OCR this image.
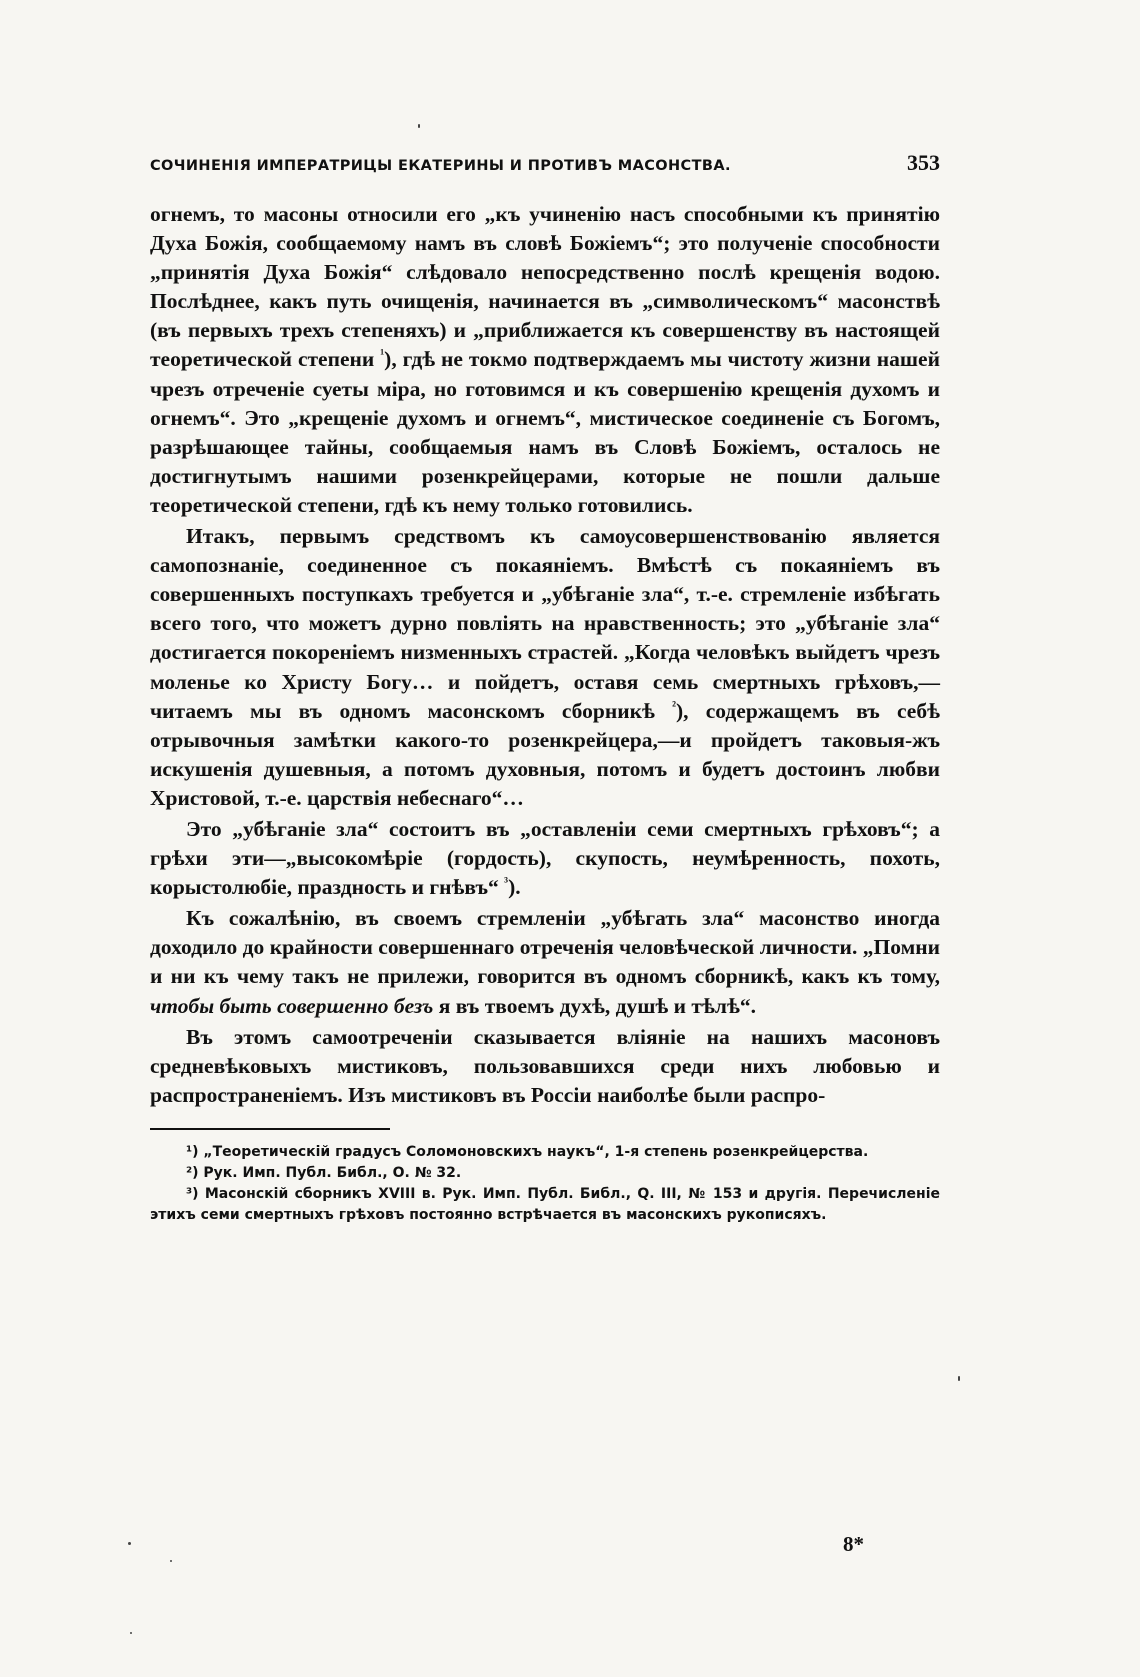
СОЧИНЕНІЯ ИМПЕРАТРИЦЫ ЕКАТЕРИНЫ И ПРОТИВЪ МАСОНСТВА.	353

огнемъ, то масоны относили его „къ учиненію насъ способными къ принятію Духа Божія, сообщаемому намъ въ словѣ Божіемъ“; это полученіе способности „принятія Духа Божія“ слѣдовало непосредственно послѣ крещенія водою. Послѣднее, какъ путь очищенія, начинается въ „символическомъ“ масонствѣ (въ первыхъ трехъ степеняхъ) и „приближается къ совершенству въ настоящей теоретической степени $^{^1}$), гдѣ не токмо подтверждаемъ мы чистоту жизни нашей чрезъ отреченіе суеты міра, но готовимся и къ совершенію крещенія духомъ и огнемъ“. Это „крещеніе духомъ и огнемъ“, мистическое соединеніе съ Богомъ, разрѣшающее тайны, сообщаемыя намъ въ Словѣ Божіемъ, осталось не достигнутымъ нашими розенкрейцерами, которые не пошли дальше теоретической степени, гдѣ къ нему только готовились.

Итакъ, первымъ средствомъ къ самоусовершенствованію является самопознаніе, соединенное съ покаяніемъ. Вмѣстѣ съ покаяніемъ въ совершенныхъ поступкахъ требуется и „убѣганіе зла“, т.-е. стремленіе избѣгать всего того, что можетъ дурно повліять на нравственность; это „убѣганіе зла“ достигается покореніемъ низменныхъ страстей. „Когда человѣкъ выйдетъ чрезъ моленье ко Христу Богу… и пойдетъ, оставя семь смертныхъ грѣховъ,—читаемъ мы въ одномъ масонскомъ сборникѣ $^{^2}$), содержащемъ въ себѣ отрывочныя замѣтки какого-то розенкрейцера,—и пройдетъ таковыя-жъ искушенія душевныя, а потомъ духовныя, потомъ и будетъ достоинъ любви Христовой, т.-е. царствія небеснаго“…

Это „убѣганіе зла“ состоитъ въ „оставленіи семи смертныхъ грѣховъ“; а грѣхи эти—„высокомѣріе (гордость), скупость, неумѣренность, похоть, корыстолюбіе, праздность и гнѣвъ“ $^{^3}$).

Къ сожалѣнію, въ своемъ стремленіи „убѣгать зла“ масонство иногда доходило до крайности совершеннаго отреченія человѣческой личности. „Помни и ни къ чему такъ не прилежи, говорится въ одномъ сборникѣ, какъ къ тому, чтобы быть совершенно безъ я въ твоемъ духѣ, душѣ и тѣлѣ“.

Въ этомъ самоотреченіи сказывается вліяніе на нашихъ масоновъ средневѣковыхъ мистиковъ, пользовавшихся среди нихъ любовью и распространеніемъ. Изъ мистиковъ въ Россіи наиболѣе были распро-

¹) „Теоретическій градусъ Соломоновскихъ наукъ“, 1-я степень розенкрейцерства.

²) Рук. Имп. Публ. Библ., О. № 32.

³) Масонскій сборникъ XVIII в. Рук. Имп. Публ. Библ., Q. III, № 153 и другія. Перечисленіе этихъ семи смертныхъ грѣховъ постоянно встрѣчается въ масонскихъ рукописяхъ.

8*
